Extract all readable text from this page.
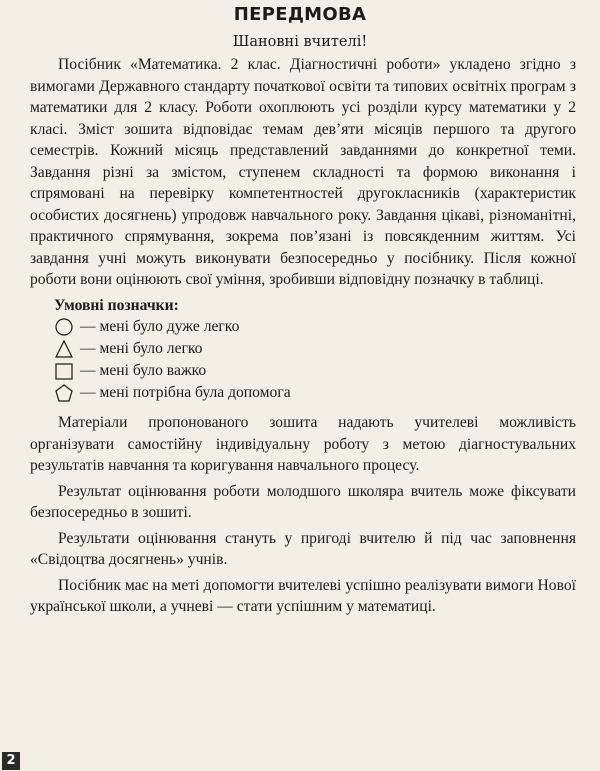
ПЕРЕДМОВА
Шановні вчителі!

Посібник «Математика. 2 клас. Діагностичні роботи» укладено згідно з вимогами Державного стандарту початкової освіти та типових освітніх програм з математики для 2 класу. Роботи охоплюють усі розділи курсу математики у 2 класі. Зміст зошита відповідає темам дев’яти місяців першого та другого семестрів. Кожний місяць представлений завданнями до конкретної теми. Завдання різні за змістом, ступенем складності та формою виконання і спрямовані на перевірку компетентностей другокласників (характеристик особистих досягнень) упродовж навчального року. Завдання цікаві, різноманітні, практичного спрямування, зокрема пов’язані із повсякденним життям. Усі завдання учні можуть виконувати безпосередньо у посібнику. Після кожної роботи вони оцінюють свої уміння, зробивши відповідну позначку в таблиці.

Умовні позначки:
— мені було дуже легко
— мені було легко
— мені було важко
— мені потрібна була допомога

Матеріали пропонованого зошита надають учителеві можливість організувати самостійну індивідуальну роботу з метою діагностувальних результатів навчання та коригування навчального процесу.

Результат оцінювання роботи молодшого школяра вчитель може фіксувати безпосередньо в зошиті.

Результати оцінювання стануть у пригоді вчителю й під час заповнення «Свідоцтва досягнень» учнів.

Посібник має на меті допомогти вчителеві успішно реалізувати вимоги Нової української школи, а учневі — стати успішним у математиці.

2
